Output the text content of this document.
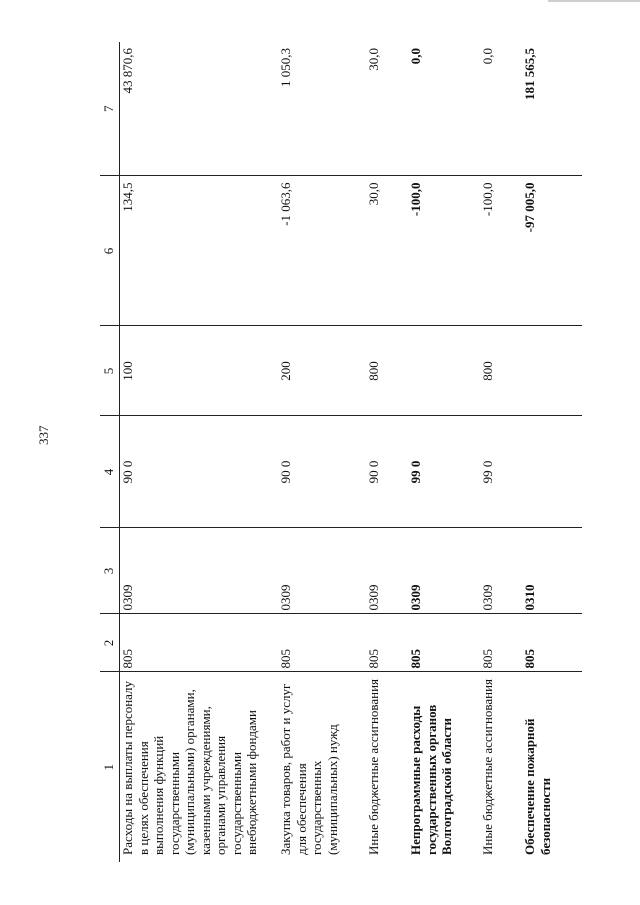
337
1	2	3	4	5	6	7
Расходы на выплаты персоналу в целях обеспечения выполнения функций государственными (муниципальными) органами, казенными учреждениями, органами управления государственными внебюджетными фондами	805	0309	90 0	100	134,5	43 870,6
Закупка товаров, работ и услуг для обеспечения государственных (муниципальных) нужд	805	0309	90 0	200	-1 063,6	1 050,3
Иные бюджетные ассигнования	805	0309	90 0	800	30,0	30,0
Непрограммные расходы государственных органов Волгоградской области	805	0309	99 0		-100,0	0,0
Иные бюджетные ассигнования	805	0309	99 0	800	-100,0	0,0
Обеспечение пожарной безопасности	805	0310			-97 005,0	181 565,5
